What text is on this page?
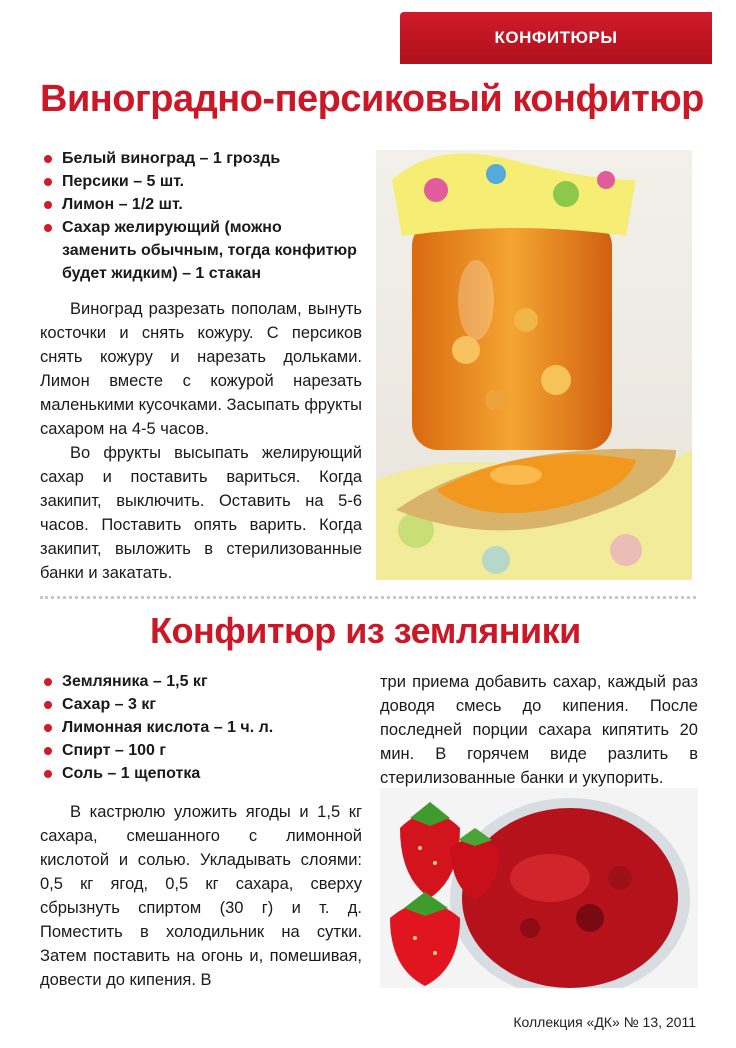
КОНФИТЮРЫ
Виноградно-персиковый конфитюр
Белый виноград – 1 гроздь
Персики – 5 шт.
Лимон – 1/2 шт.
Сахар желирующий (можно заменить обычным, тогда конфитюр будет жидким) – 1 стакан

Виноград разрезать пополам, вынуть косточки и снять кожуру. С персиков снять кожуру и нарезать дольками. Лимон вместе с кожурой нарезать маленькими кусочками. Засыпать фрукты сахаром на 4-5 часов.

Во фрукты высыпать желирующий сахар и поставить вариться. Когда закипит, выключить. Оставить на 5-6 часов. Поставить опять варить. Когда закипит, выложить в стерилизованные банки и закатать.

Конфитюр из земляники
Земляника – 1,5 кг
Сахар – 3 кг
Лимонная кислота – 1 ч. л.
Спирт – 100 г
Соль – 1 щепотка

В кастрюлю уложить ягоды и 1,5 кг сахара, смешанного с лимонной кислотой и солью. Укладывать слоями: 0,5 кг ягод, 0,5 кг сахара, сверху сбрызнуть спиртом (30 г) и т. д. Поместить в холодильник на сутки. Затем поставить на огонь и, помешивая, довести до кипения. В

три приема добавить сахар, каждый раз доводя смесь до кипения. После последней порции сахара кипятить 20 мин. В горячем виде разлить в стерилизованные банки и укупорить.

Коллекция «ДК» № 13, 2011
